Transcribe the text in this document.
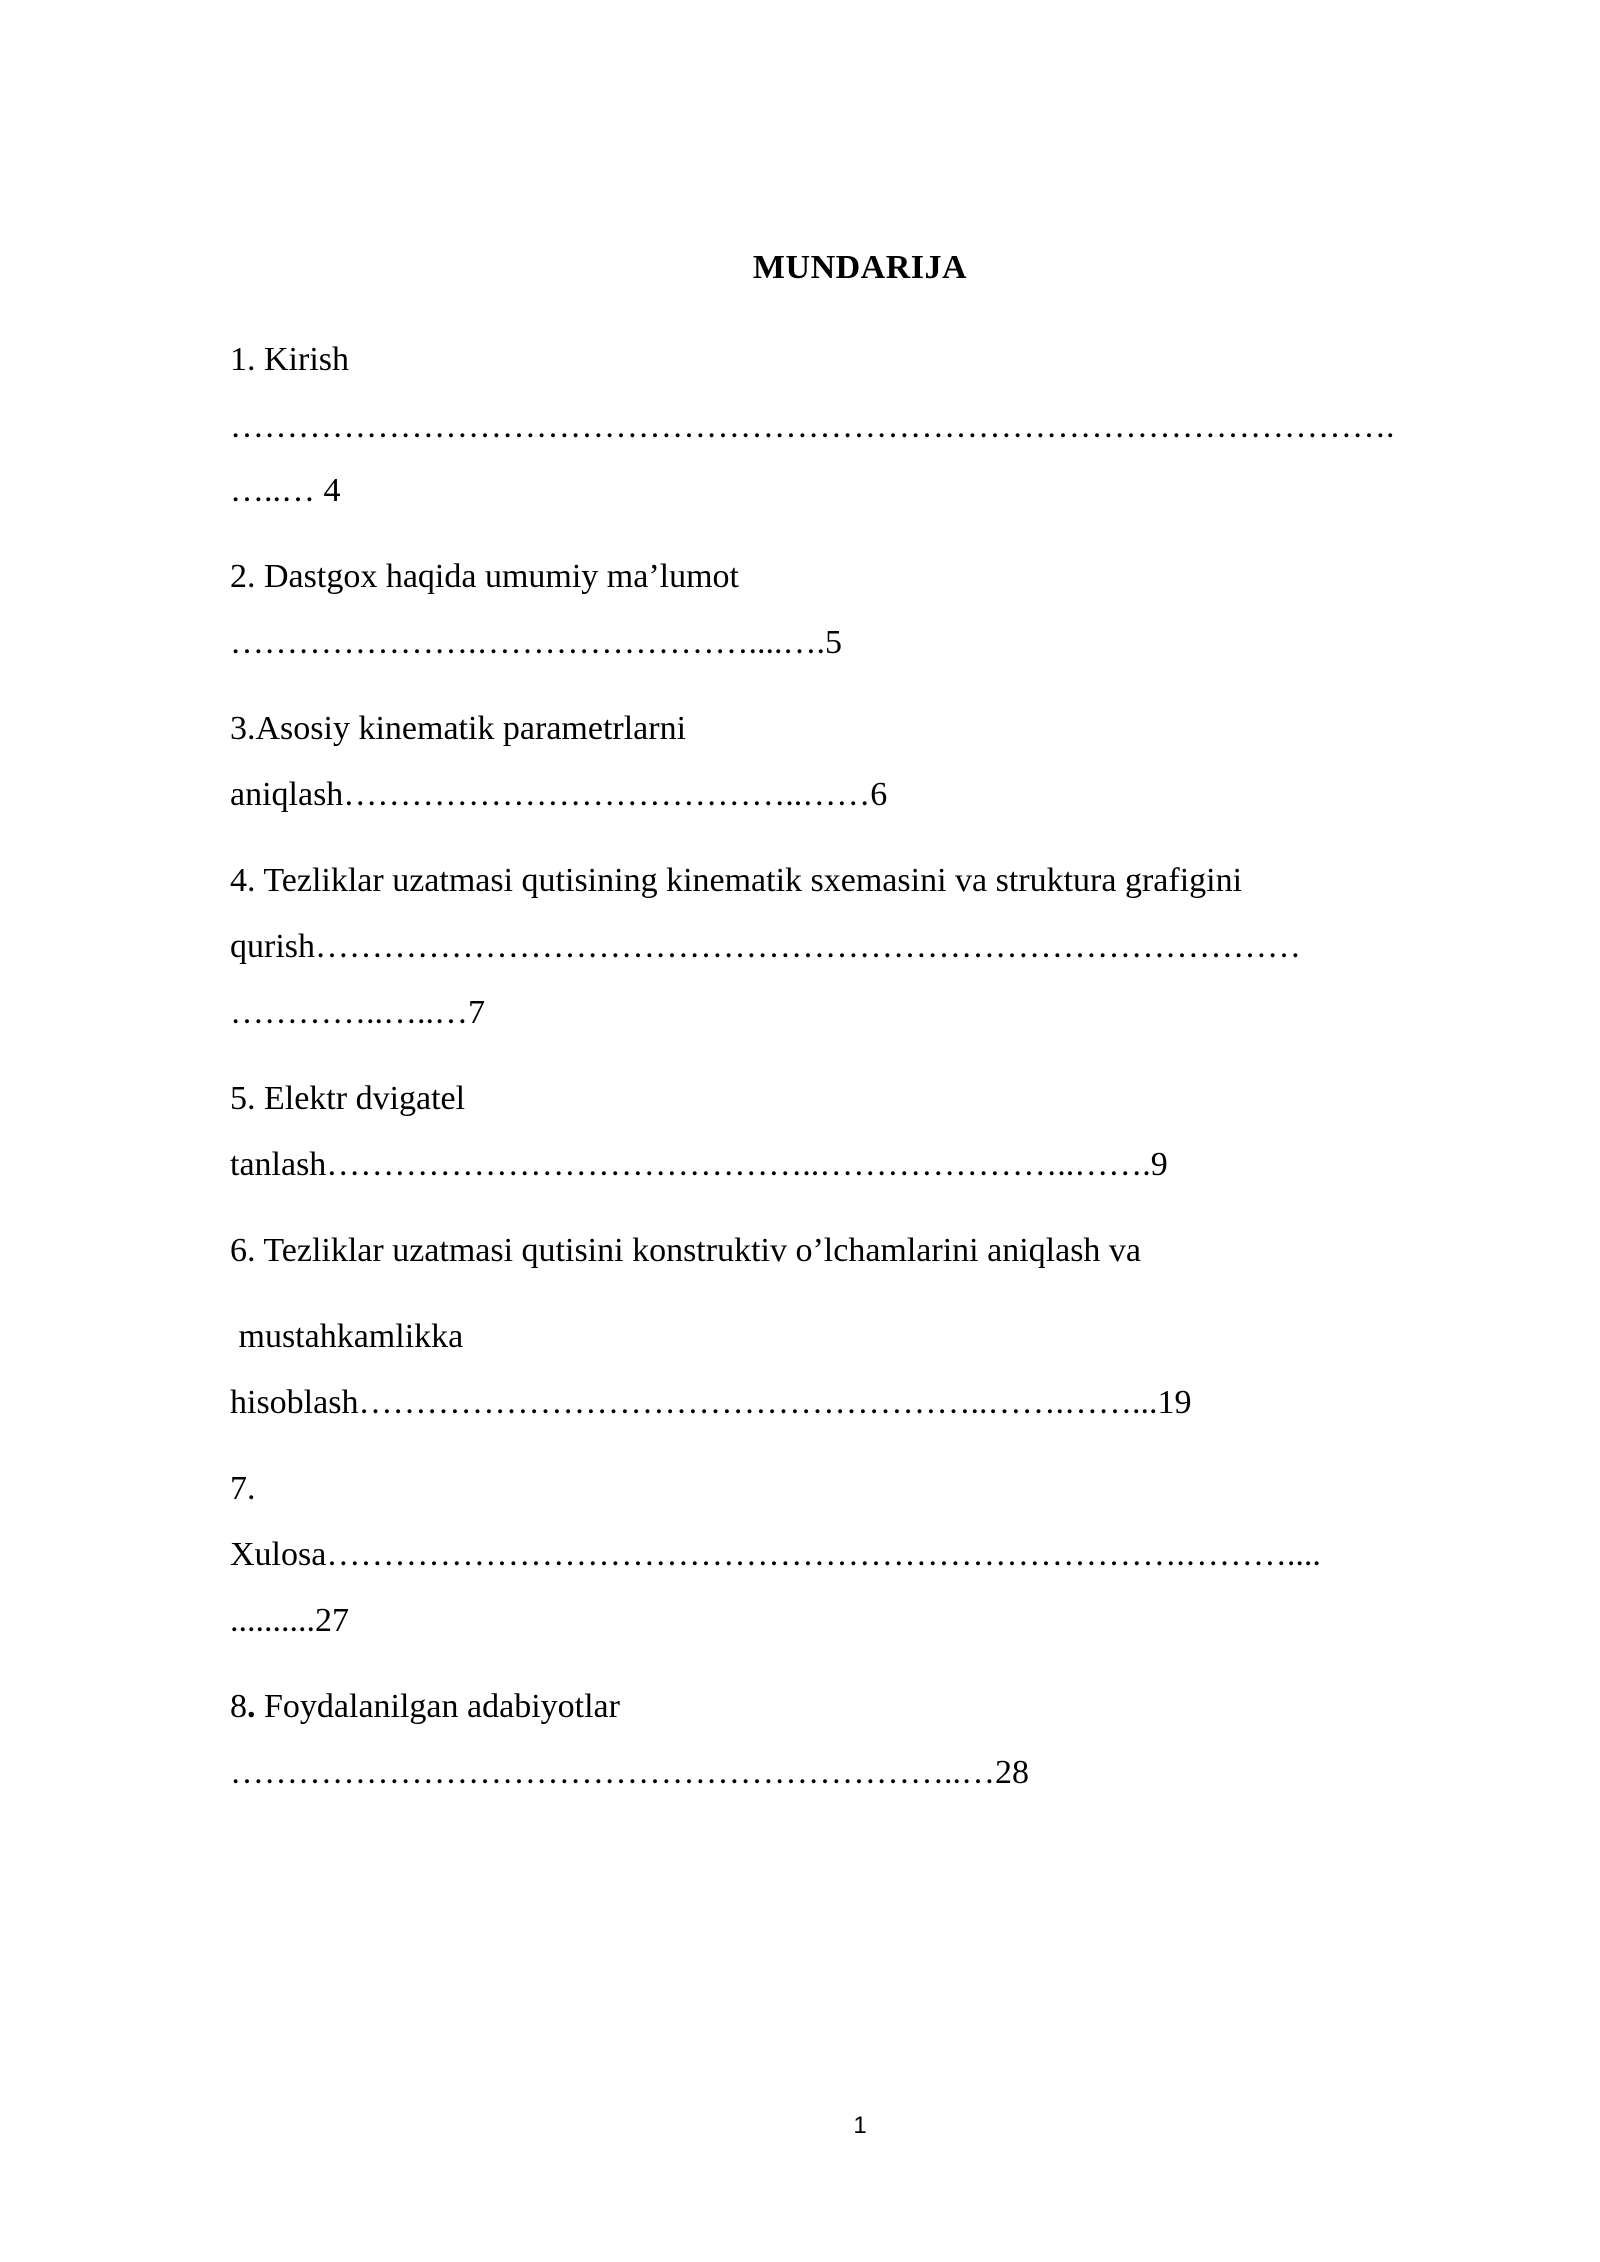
MUNDARIJA
1. Kirish
………………………………………………………………………………………….
…..… 4
2. Dastgox haqida umumiy ma’lumot
………………….……………………....….5
3.Asosiy kinematik parametrlarni
aniqlash…………………………………..……6
4. Tezliklar uzatmasi qutisining kinematik sxemasini va struktura grafigini
qurish……………………………………………………………………………
…………..…..…7
5. Elektr dvigatel
tanlash……………………………………..…………………..…….9
6. Tezliklar uzatmasi qutisini konstruktiv o’lchamlarini aniqlash va
mustahkamlikka
hisoblash………………………………………………..…….……...19
7.
Xulosa………………………………………………………………….………....
..........27
8. Foydalanilgan adabiyotlar
………………………………………………………..…28
1
